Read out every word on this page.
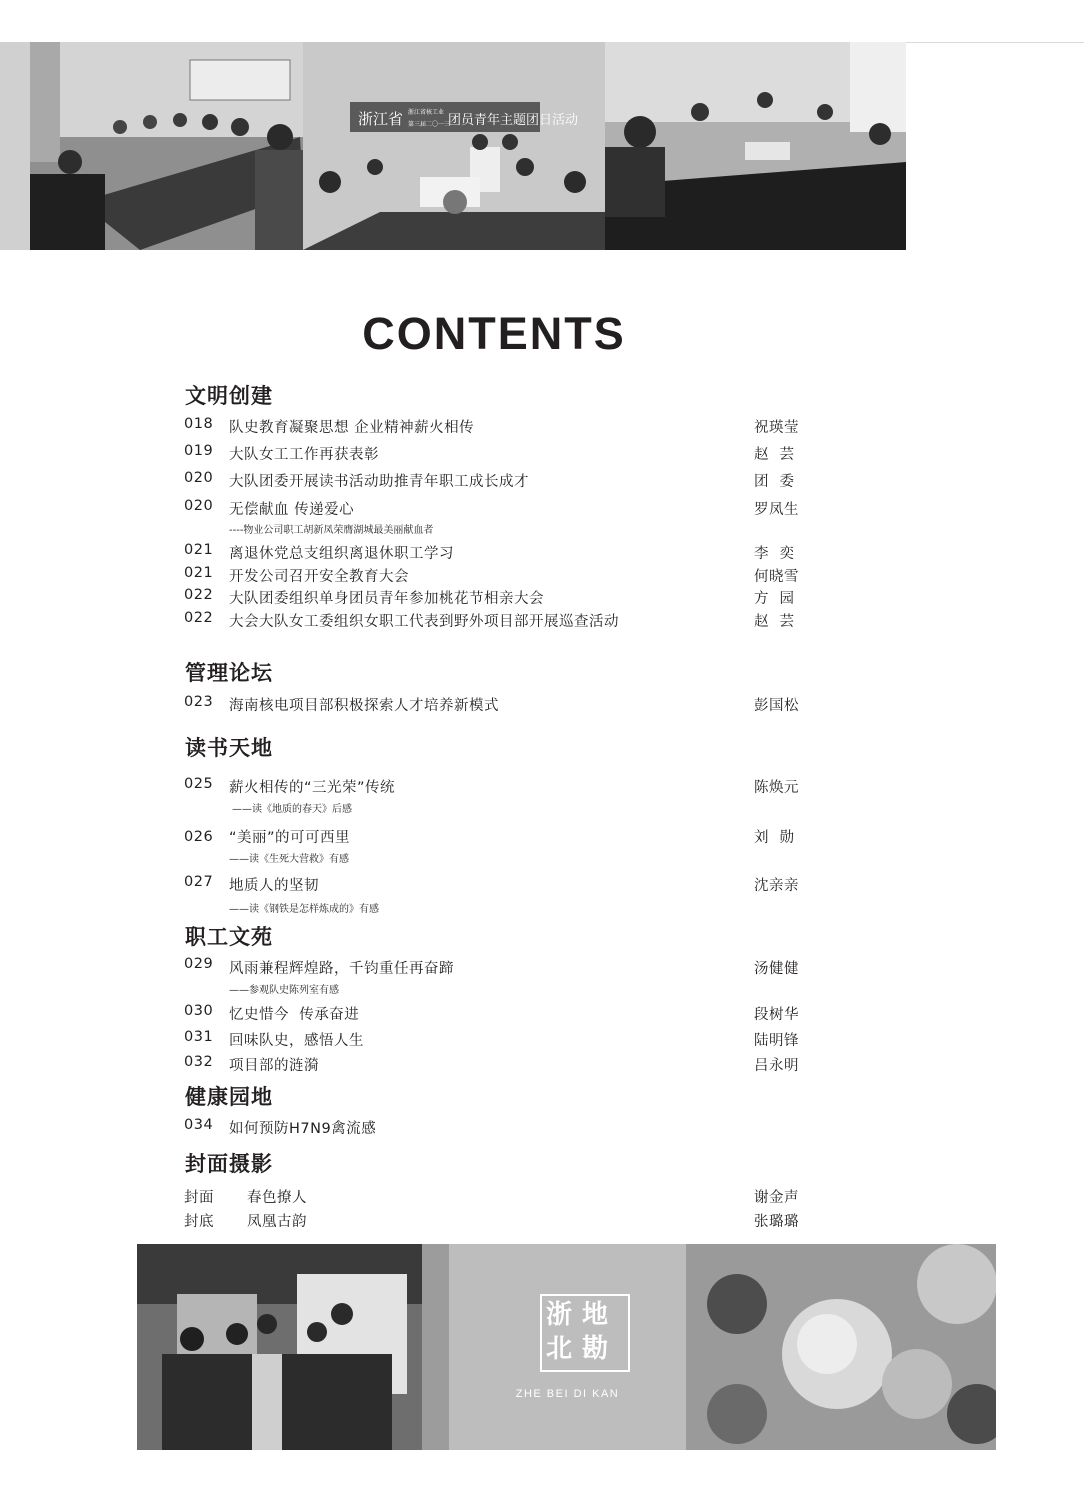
浙江省 浙江省核工业
第三届二〇一三
团员青年主题团日活动
CONTENTS
文明创建
018 队史教育凝聚思想 企业精神薪火相传	祝瑛莹
019 大队女工工作再获表彰	赵芸
020 大队团委开展读书活动助推青年职工成长成才	团委
020 无偿献血 传递爱心	罗凤生
----物业公司职工胡新凤荣膺湖城最美丽献血者
021 离退休党总支组织离退休职工学习	李奕
021 开发公司召开安全教育大会	何晓雪
022 大队团委组织单身团员青年参加桃花节相亲大会	方园
022 大会大队女工委组织女职工代表到野外项目部开展巡查活动	赵芸
管理论坛
023 海南核电项目部积极探索人才培养新模式	彭国松
读书天地
025 薪火相传的“三光荣”传统	陈焕元
——读《地质的春天》后感
026 “美丽”的可可西里	刘勋
——读《生死大营救》有感
027 地质人的坚韧	沈亲亲
——读《钢铁是怎样炼成的》有感
职工文苑
029 风雨兼程辉煌路，千钧重任再奋蹄	汤健健
——参观队史陈列室有感
030 忆史惜今  传承奋进	段树华
031 回味队史，感悟人生	陆明锋
032 项目部的涟漪	吕永明
健康园地
034 如何预防H7N9禽流感
封面摄影
封面 春色撩人	谢金声
封底 凤凰古韵	张璐璐
浙 地
北 勘
ZHE BEI DI KAN
